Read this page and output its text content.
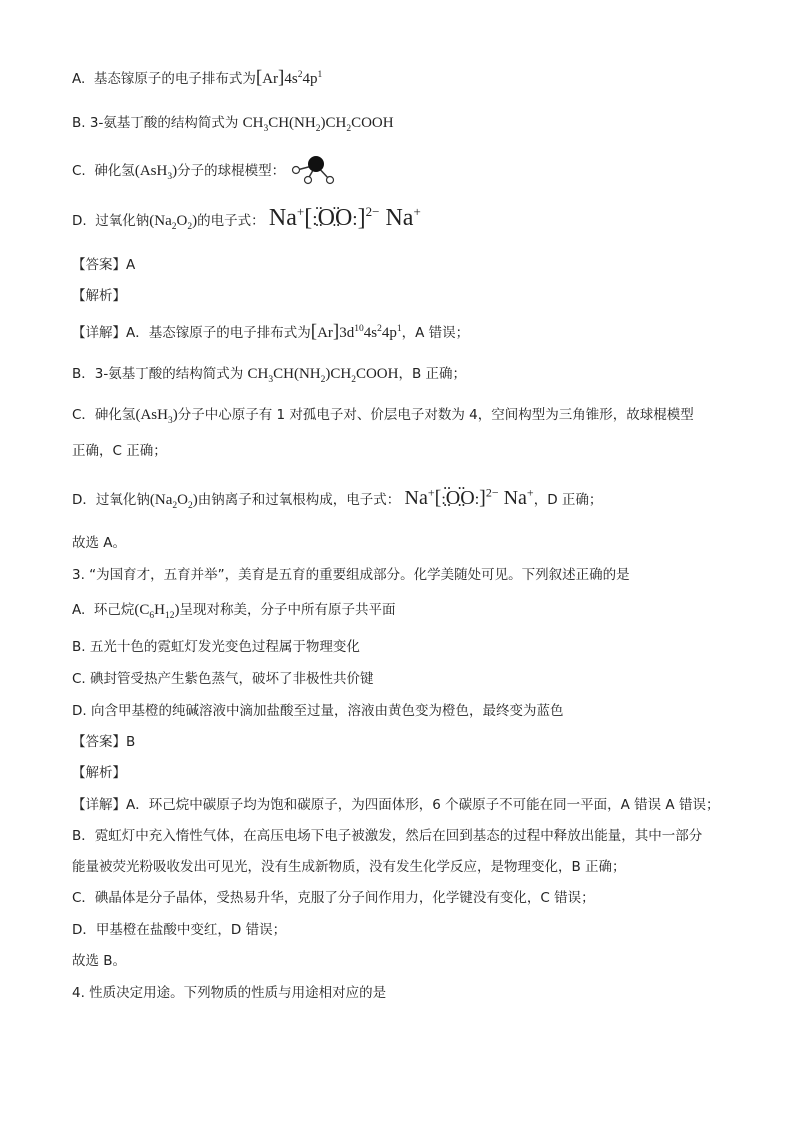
A. 基态镓原子的电子排布式为$[Ar]4s^24p^1$
B. 3-氨基丁酸的结构简式为 $CH_3CH(NH_2)CH_2COOH$
C. 砷化氢(AsH$_3$)分子的球棍模型：
D. 过氧化钠$(Na_2O_2)$的电子式： Na+[:•• O •••• O ••:]$^{2-}$ Na+
【答案】A
【解析】
【详解】A．基态镓原子的电子排布式为$[Ar]3d^{10}4s^24p^1$，A 错误；
B．3-氨基丁酸的结构简式为 $CH_3CH(NH_2)CH_2COOH$，B 正确；
C．砷化氢(AsH$_3$)分子中心原子有 1 对孤电子对、价层电子对数为 4，空间构型为三角锥形，故球棍模型
正确，C 正确；
D．过氧化钠$(Na_2O_2)$由钠离子和过氧根构成，电子式： Na+[:•• O •••• O ••:]$^{2-}$ Na+，D 正确；
故选 A。
3. “为国育才，五育并举”，美育是五育的重要组成部分。化学美随处可见。下列叙述正确的是
A. 环己烷$(C_6H_{12})$呈现对称美，分子中所有原子共平面
B. 五光十色的霓虹灯发光变色过程属于物理变化
C. 碘封管受热产生紫色蒸气，破坏了非极性共价键
D. 向含甲基橙的纯碱溶液中滴加盐酸至过量，溶液由黄色变为橙色，最终变为蓝色
【答案】B
【解析】
【详解】A．环己烷中碳原子均为饱和碳原子，为四面体形，6 个碳原子不可能在同一平面，A 错误 A 错误；
B．霓虹灯中充入惰性气体，在高压电场下电子被激发，然后在回到基态的过程中释放出能量，其中一部分
能量被荧光粉吸收发出可见光，没有生成新物质，没有发生化学反应，是物理变化，B 正确；
C．碘晶体是分子晶体，受热易升华，克服了分子间作用力，化学键没有变化，C 错误；
D．甲基橙在盐酸中变红，D 错误；
故选 B。
4. 性质决定用途。下列物质的性质与用途相对应的是
